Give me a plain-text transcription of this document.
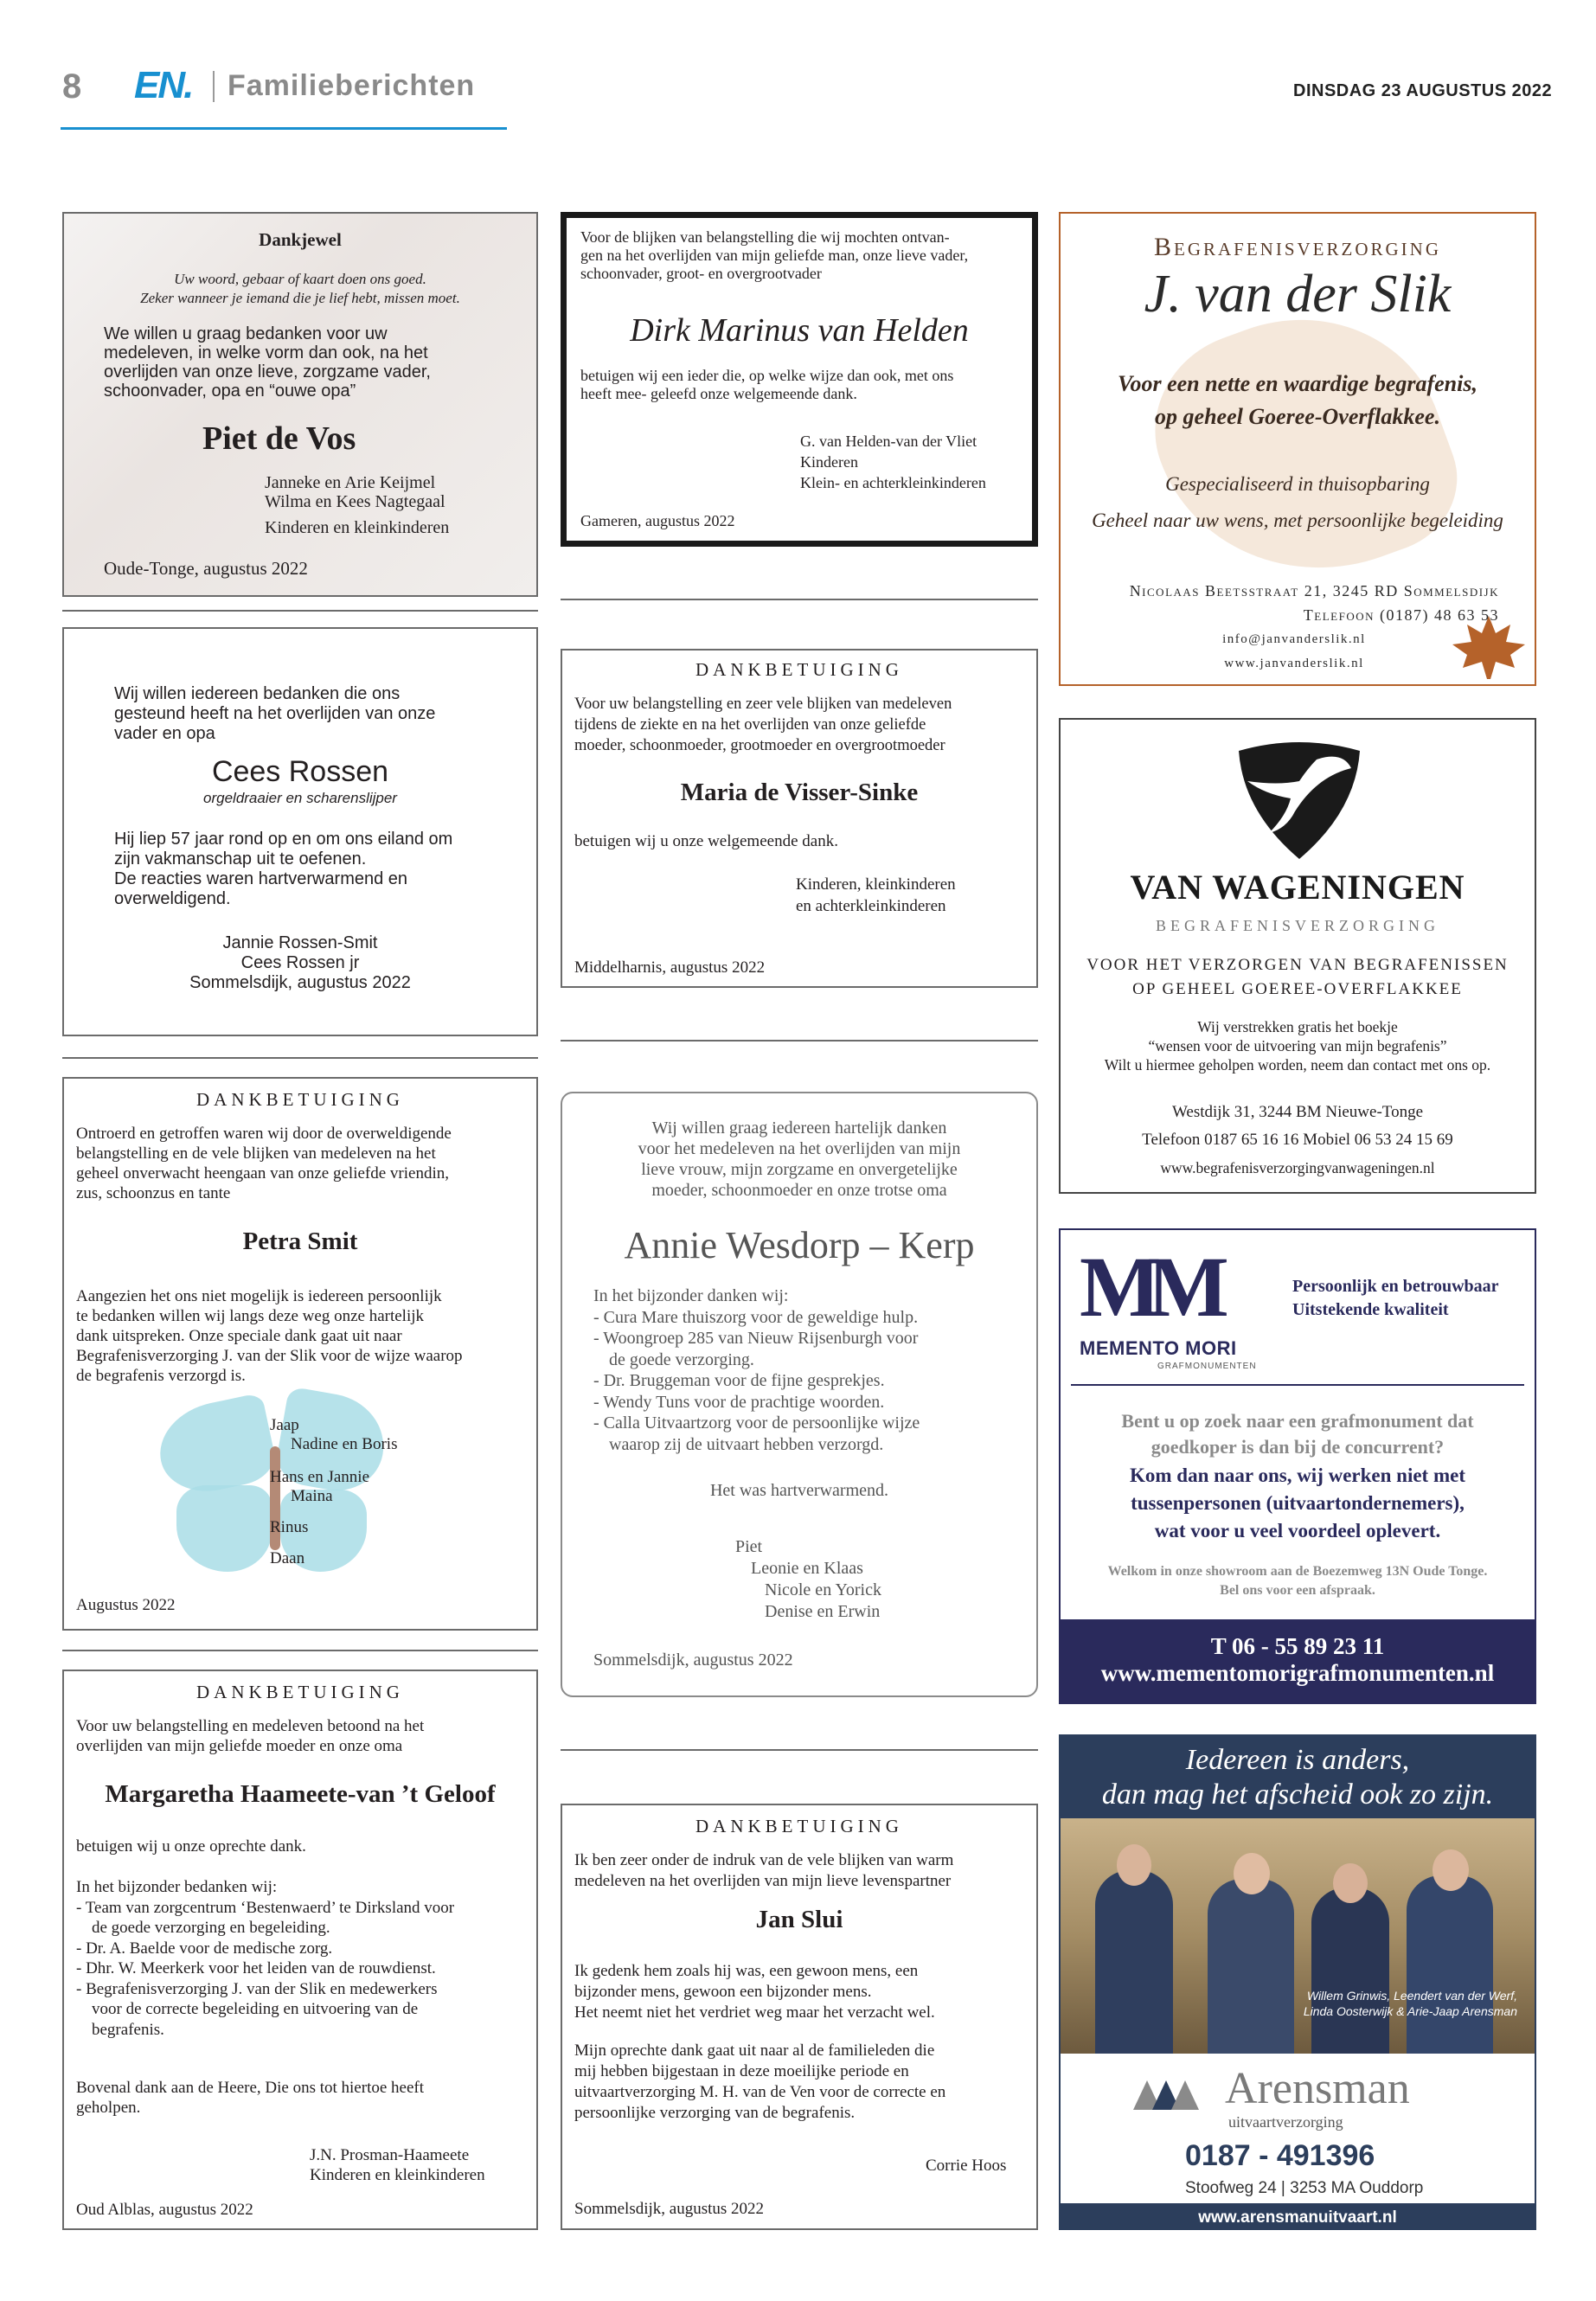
8 EN. Familieberichten	DINSDAG 23 AUGUSTUS 2022
Dankjewel
Uw woord, gebaar of kaart doen ons goed.
Zeker wanneer je iemand die je lief hebt, missen moet.
We willen u graag bedanken voor uw
medeleven, in welke vorm dan ook, na het
overlijden van onze lieve, zorgzame vader,
schoonvader, opa en “ouwe opa”
Piet de Vos
Janneke en Arie Keijmel
Wilma en Kees Nagtegaal
Kinderen en kleinkinderen
Oude-Tonge, augustus 2022
Wij willen iedereen bedanken die ons
gesteund heeft na het overlijden van onze
vader en opa
Cees Rossen
orgeldraaier en scharenslijper
Hij liep 57 jaar rond op en om ons eiland om
zijn vakmanschap uit te oefenen.
De reacties waren hartverwarmend en
overweldigend.
Jannie Rossen-Smit
Cees Rossen jr
Sommelsdijk, augustus 2022
DANKBETUIGING
Ontroerd en getroffen waren wij door de overweldigende
belangstelling en de vele blijken van medeleven na het
geheel onverwacht heengaan van onze geliefde vriendin,
zus, schoonzus en tante
Petra Smit
Aangezien het ons niet mogelijk is iedereen persoonlijk
te bedanken willen wij langs deze weg onze hartelijk
dank uitspreken. Onze speciale dank gaat uit naar
Begrafenisverzorging J. van der Slik voor de wijze waarop
de begrafenis verzorgd is.
Jaap
Nadine en Boris
Hans en Jannie
Maina
Rinus
Daan
Augustus 2022
DANKBETUIGING
Voor uw belangstelling en medeleven betoond na het
overlijden van mijn geliefde moeder en onze oma
Margaretha Haameete-van ’t Geloof
betuigen wij u onze oprechte dank.
In het bijzonder bedanken wij:
- Team van zorgcentrum ‘Bestenwaerd’ te Dirksland voor
de goede verzorging en begeleiding.
- Dr. A. Baelde voor de medische zorg.
- Dhr. W. Meerkerk voor het leiden van de rouwdienst.
- Begrafenisverzorging J. van der Slik en medewerkers
voor de correcte begeleiding en uitvoering van de
begrafenis.
Bovenal dank aan de Heere, Die ons tot hiertoe heeft
geholpen.
J.N. Prosman-Haameete
Kinderen en kleinkinderen
Oud Alblas, augustus 2022
Voor de blijken van belangstelling die wij mochten ontvan-
gen na het overlijden van mijn geliefde man, onze lieve vader,
schoonvader, groot- en overgrootvader
Dirk Marinus van Helden
betuigen wij een ieder die, op welke wijze dan ook, met ons
heeft mee- geleefd onze welgemeende dank.
G. van Helden-van der Vliet
Kinderen
Klein- en achterkleinkinderen
Gameren, augustus 2022
DANKBETUIGING
Voor uw belangstelling en zeer vele blijken van medeleven
tijdens de ziekte en na het overlijden van onze geliefde
moeder, schoonmoeder, grootmoeder en overgrootmoeder
Maria de Visser-Sinke
betuigen wij u onze welgemeende dank.
Kinderen, kleinkinderen
en achterkleinkinderen
Middelharnis, augustus 2022
Wij willen graag iedereen hartelijk danken
voor het medeleven na het overlijden van mijn
lieve vrouw, mijn zorgzame en onvergetelijke
moeder, schoonmoeder en onze trotse oma
Annie Wesdorp – Kerp
In het bijzonder danken wij:
- Cura Mare thuiszorg voor de geweldige hulp.
- Woongroep 285 van Nieuw Rijsenburgh voor
de goede verzorging.
- Dr. Bruggeman voor de fijne gesprekjes.
- Wendy Tuns voor de prachtige woorden.
- Calla Uitvaartzorg voor de persoonlijke wijze
waarop zij de uitvaart hebben verzorgd.
Het was hartverwarmend.
Piet
Leonie en Klaas
Nicole en Yorick
Denise en Erwin
Sommelsdijk, augustus 2022
DANKBETUIGING
Ik ben zeer onder de indruk van de vele blijken van warm
medeleven na het overlijden van mijn lieve levenspartner
Jan Slui
Ik gedenk hem zoals hij was, een gewoon mens, een
bijzonder mens, gewoon een bijzonder mens.
Het neemt niet het verdriet weg maar het verzacht wel.
Mijn oprechte dank gaat uit naar al de familieleden die
mij hebben bijgestaan in deze moeilijke periode en
uitvaartverzorging M. H. van de Ven voor de correcte en
persoonlijke verzorging van de begrafenis.
Corrie Hoos
Sommelsdijk, augustus 2022
Begrafenisverzorging
J. van der Slik
Voor een nette en waardige begrafenis,
op geheel Goeree-Overflakkee.
Gespecialiseerd in thuisopbaring
Geheel naar uw wens, met persoonlijke begeleiding
Nicolaas Beetsstraat 21, 3245 RD Sommelsdijk
Telefoon (0187) 48 63 53
info@janvanderslik.nl
www.janvanderslik.nl
VAN WAGENINGEN
BEGRAFENISVERZORGING
VOOR HET VERZORGEN VAN BEGRAFENISSEN
OP GEHEEL GOEREE-OVERFLAKKEE
Wij verstrekken gratis het boekje
“wensen voor de uitvoering van mijn begrafenis”
Wilt u hiermee geholpen worden, neem dan contact met ons op.
Westdijk 31, 3244 BM Nieuwe-Tonge
Telefoon 0187 65 16 16 Mobiel 06 53 24 15 69
www.begrafenisverzorgingvanwageningen.nl
MM
MEMENTO MORI
GRAFMONUMENTEN
Persoonlijk en betrouwbaar
Uitstekende kwaliteit
Bent u op zoek naar een grafmonument dat
goedkoper is dan bij de concurrent?
Kom dan naar ons, wij werken niet met
tussenpersonen (uitvaartondernemers),
wat voor u veel voordeel oplevert.
Welkom in onze showroom aan de Boezemweg 13N Oude Tonge.
Bel ons voor een afspraak.
T 06 - 55 89 23 11
www.mementomorigrafmonumenten.nl
Iedereen is anders,
dan mag het afscheid ook zo zijn.
Willem Grinwis, Leendert van der Werf,
Linda Oosterwijk & Arie-Jaap Arensman
Arensman
uitvaartverzorging
0187 - 491396
Stoofweg 24 | 3253 MA Ouddorp
www.arensmanuitvaart.nl
